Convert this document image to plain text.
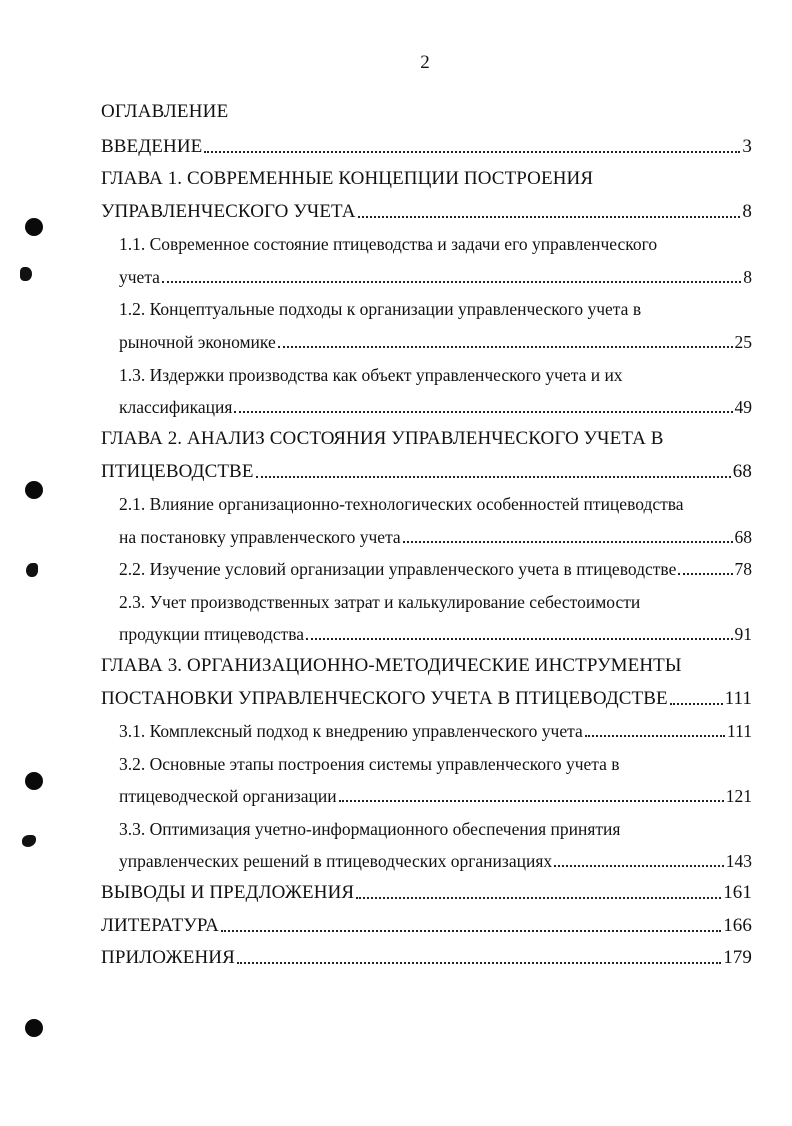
2
ОГЛАВЛЕНИЕ
ВВЕДЕНИЕ	3
ГЛАВА 1. СОВРЕМЕННЫЕ КОНЦЕПЦИИ ПОСТРОЕНИЯ
УПРАВЛЕНЧЕСКОГО УЧЕТА	8
1.1. Современное состояние птицеводства и задачи его управленческого
учета	8
1.2. Концептуальные подходы к организации управленческого учета в
рыночной экономике	25
1.3. Издержки производства как объект управленческого учета и их
классификация	49
ГЛАВА 2. АНАЛИЗ СОСТОЯНИЯ УПРАВЛЕНЧЕСКОГО УЧЕТА В
ПТИЦЕВОДСТВЕ	68
2.1. Влияние организационно-технологических особенностей птицеводства
на постановку управленческого учета	68
2.2. Изучение условий организации управленческого учета в птицеводстве	78
2.3. Учет производственных затрат и калькулирование себестоимости
продукции птицеводства	91
ГЛАВА 3. ОРГАНИЗАЦИОННО-МЕТОДИЧЕСКИЕ ИНСТРУМЕНТЫ
ПОСТАНОВКИ УПРАВЛЕНЧЕСКОГО УЧЕТА В ПТИЦЕВОДСТВЕ	111
3.1. Комплексный подход к внедрению управленческого учета	111
3.2. Основные этапы построения системы управленческого учета в
птицеводческой организации	121
3.3. Оптимизация учетно-информационного обеспечения принятия
управленческих решений в птицеводческих организациях	143
ВЫВОДЫ И ПРЕДЛОЖЕНИЯ	161
ЛИТЕРАТУРА	166
ПРИЛОЖЕНИЯ	179
